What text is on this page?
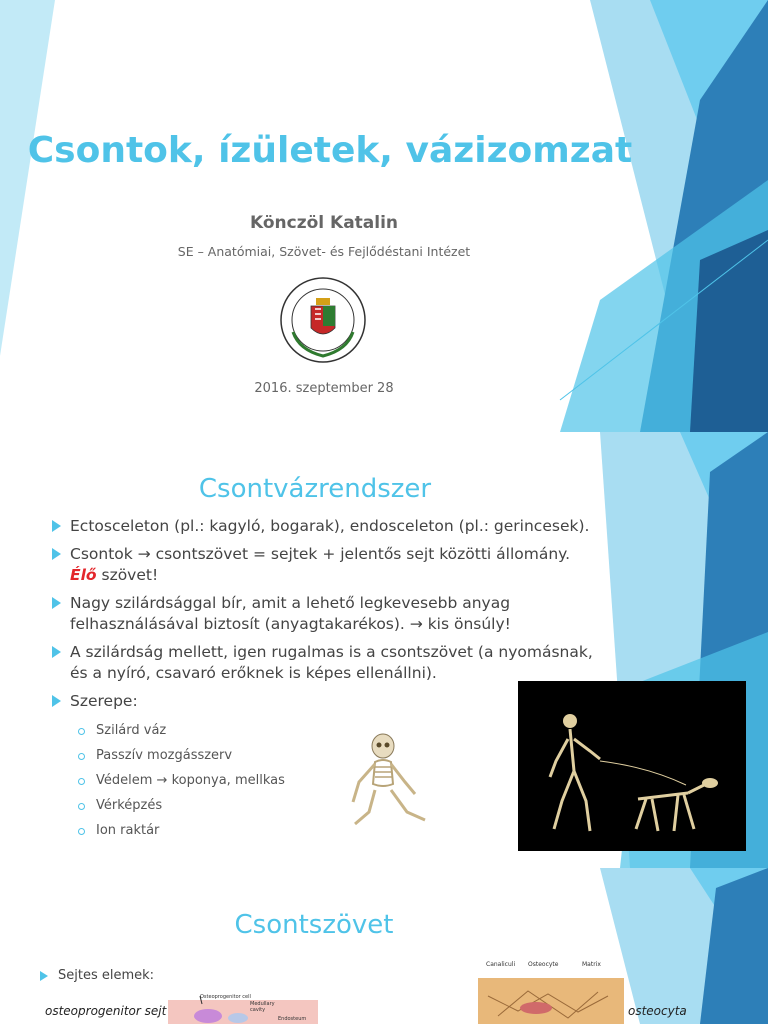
Csontok, ízületek, vázizomzat
Könczöl Katalin
SE – Anatómiai, Szövet- és Fejlődéstani Intézet
2016. szeptember 28
Csontvázrendszer
Ectosceleton (pl.: kagyló, bogarak), endosceleton (pl.: gerincesek).
Csontok → csontszövet = sejtek + jelentős sejt közötti állomány.
Élő szövet!
Nagy szilárdsággal bír, amit a lehető legkevesebb anyag felhasználásával biztosít (anyagtakarékos). → kis önsúly!
A szilárdság mellett, igen rugalmas is a csontszövet (a nyomásnak, és a nyíró, csavaró erőknek is képes ellenállni).
Szerepe:
Szilárd váz
Passzív mozgásszerv
Védelem → koponya, mellkas
Vérképzés
Ion raktár
Csontszövet
Sejtes elemek:
osteoprogenitor sejt
Osteoprogenitor cell
Medullary
cavity
Endosteum
Canaliculi Osteocyte	Matrix
osteocyta
